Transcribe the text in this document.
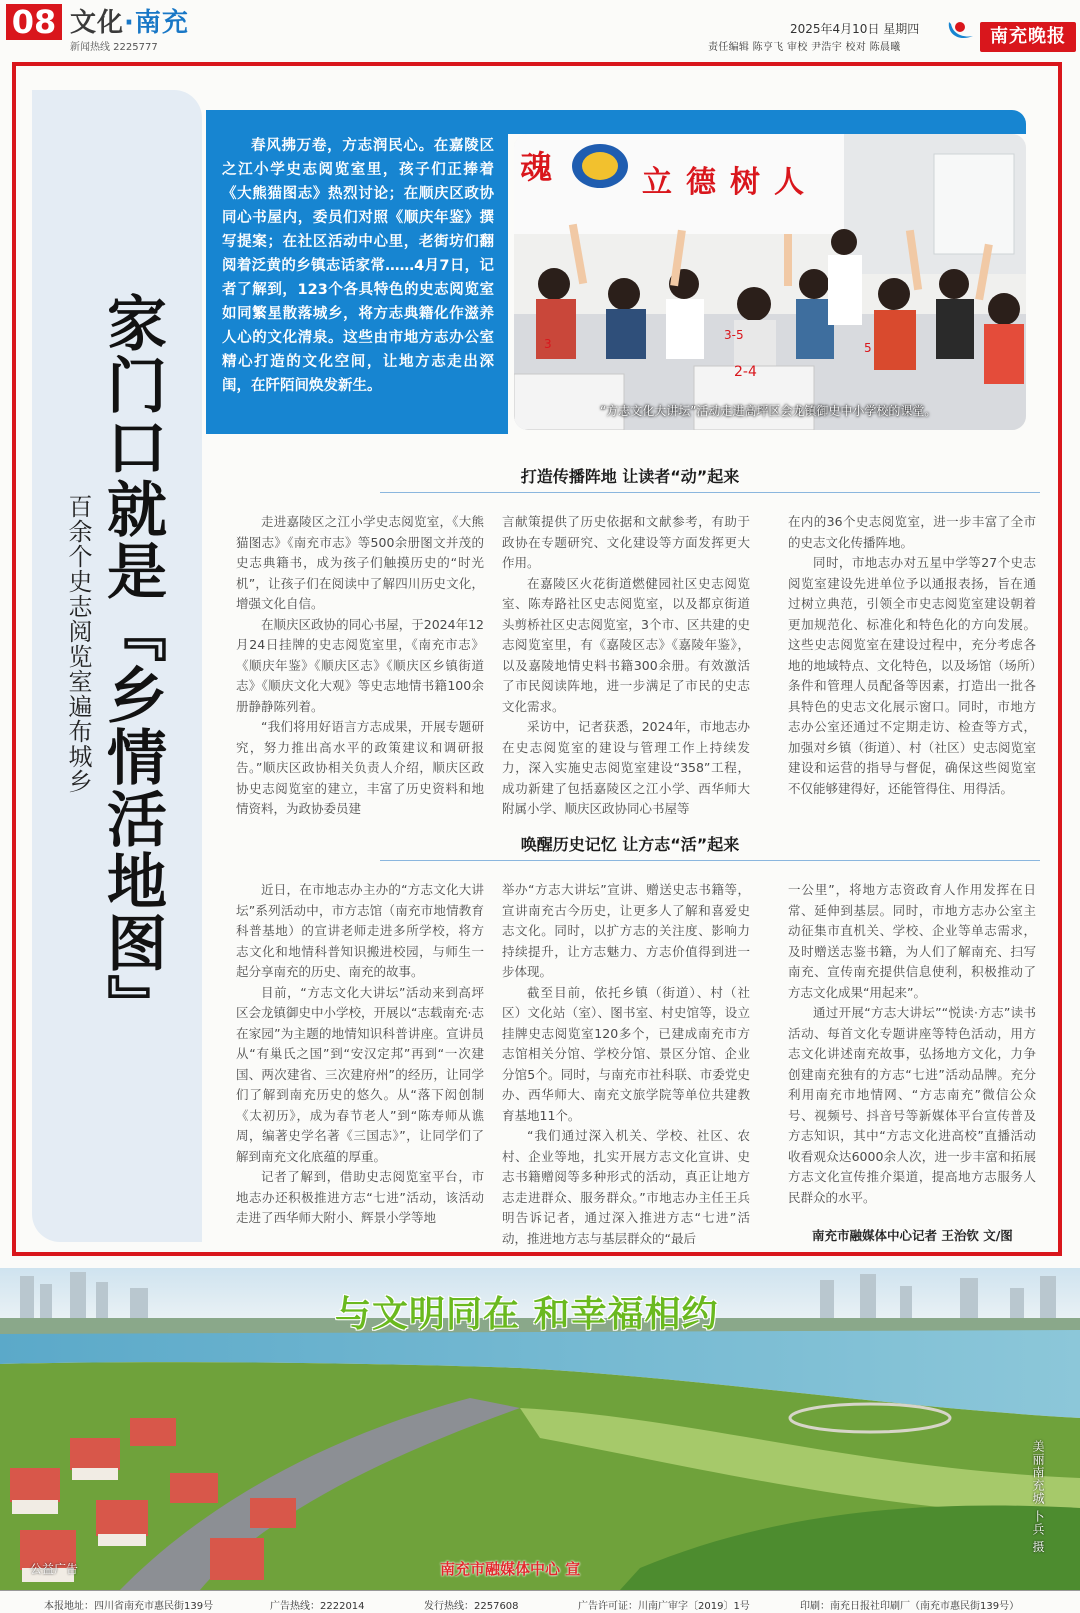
08 文化·南充
新闻热线 2225777
2025年4月10日 星期四
责任编辑 陈亨飞 审校 尹浩宇 校对 陈晨曦
南充晚报
家门口就是『乡情活地图』
百余个史志阅览室遍布城乡

春风拂万卷，方志润民心。在嘉陵区之江小学史志阅览室里，孩子们正捧着《大熊猫图志》热烈讨论；在顺庆区政协同心书屋内，委员们对照《顺庆年鉴》撰写提案；在社区活动中心里，老街坊们翻阅着泛黄的乡镇志话家常……4月7日，记者了解到，123个各具特色的史志阅览室如同繁星散落城乡，将方志典籍化作滋养人心的文化清泉。这些由市地方志办公室精心打造的文化空间，让地方志走出深闺，在阡陌间焕发新生。

魂	立德树人
3-5
2-4
3	5
“方志文化大讲坛”活动走进高坪区会龙镇御史中小学校的课堂。

打造传播阵地 让读者“动”起来

走进嘉陵区之江小学史志阅览室，《大熊猫图志》《南充市志》等500余册图文并茂的史志典籍书，成为孩子们触摸历史的“时光机”，让孩子们在阅读中了解四川历史文化，增强文化自信。

在顺庆区政协的同心书屋，于2024年12月24日挂牌的史志阅览室里，《南充市志》《顺庆年鉴》《顺庆区志》《顺庆区乡镇街道志》《顺庆文化大观》等史志地情书籍100余册静静陈列着。

“我们将用好语言方志成果，开展专题研究，努力推出高水平的政策建议和调研报告。”顺庆区政协相关负责人介绍，顺庆区政协史志阅览室的建立，丰富了历史资料和地情资料，为政协委员建

言献策提供了历史依据和文献参考，有助于政协在专题研究、文化建设等方面发挥更大作用。

在嘉陵区火花街道燃健园社区史志阅览室、陈寿路社区史志阅览室，以及都京街道头剪桥社区史志阅览室，3个市、区共建的史志阅览室里，有《嘉陵区志》《嘉陵年鉴》，以及嘉陵地情史料书籍300余册。有效激活了市民阅读阵地，进一步满足了市民的史志文化需求。

采访中，记者获悉，2024年，市地志办在史志阅览室的建设与管理工作上持续发力，深入实施史志阅览室建设“358”工程，成功新建了包括嘉陵区之江小学、西华师大附属小学、顺庆区政协同心书屋等

在内的36个史志阅览室，进一步丰富了全市的史志文化传播阵地。

同时，市地志办对五星中学等27个史志阅览室建设先进单位予以通报表扬，旨在通过树立典范，引领全市史志阅览室建设朝着更加规范化、标准化和特色化的方向发展。这些史志阅览室在建设过程中，充分考虑各地的地域特点、文化特色，以及场馆（场所）条件和管理人员配备等因素，打造出一批各具特色的史志文化展示窗口。同时，市地方志办公室还通过不定期走访、检查等方式，加强对乡镇（街道）、村（社区）史志阅览室建设和运营的指导与督促，确保这些阅览室不仅能够建得好，还能管得住、用得活。

唤醒历史记忆 让方志“活”起来

近日，在市地志办主办的“方志文化大讲坛”系列活动中，市方志馆（南充市地情教育科普基地）的宣讲老师走进多所学校，将方志文化和地情科普知识搬进校园，与师生一起分享南充的历史、南充的故事。

目前，“方志文化大讲坛”活动来到高坪区会龙镇御史中小学校，开展以“志载南充·志在家园”为主题的地情知识科普讲座。宣讲员从“有巢氏之国”到“安汉定邦”再到“一次建国、两次建省、三次建府州”的经历，让同学们了解到南充历史的悠久。从“落下闳创制《太初历》，成为春节老人”到“陈寿师从谯周，编著史学名著《三国志》”，让同学们了解到南充文化底蕴的厚重。

记者了解到，借助史志阅览室平台，市地志办还积极推进方志“七进”活动，该活动走进了西华师大附小、辉景小学等地

举办“方志大讲坛”宣讲、赠送史志书籍等，宣讲南充古今历史，让更多人了解和喜爱史志文化。同时，以扩方志的关注度、影响力持续提升，让方志魅力、方志价值得到进一步体现。

截至目前，依托乡镇（街道）、村（社区）文化站（室）、图书室、村史馆等，设立挂牌史志阅览室120多个，已建成南充市方志馆相关分馆、学校分馆、景区分馆、企业分馆5个。同时，与南充市社科联、市委党史办、西华师大、南充文旅学院等单位共建教育基地11个。

“我们通过深入机关、学校、社区、农村、企业等地，扎实开展方志文化宣讲、史志书籍赠阅等多种形式的活动，真正让地方志走进群众、服务群众。”市地志办主任王兵明告诉记者，通过深入推进方志“七进”活动，推进地方志与基层群众的“最后

一公里”，将地方志资政育人作用发挥在日常、延伸到基层。同时，市地方志办公室主动征集市直机关、学校、企业等单志需求，及时赠送志鉴书籍，为人们了解南充、扫写南充、宣传南充提供信息使利，积极推动了方志文化成果“用起来”。

通过开展“方志大讲坛”“悦读·方志”读书活动、每首文化专题讲座等特色活动，用方志文化讲述南充故事，弘扬地方文化，力争创建南充独有的方志“七进”活动品牌。充分利用南充市地情网、“方志南充”微信公众号、视频号、抖音号等新媒体平台宣传普及方志知识，其中“方志文化进高校”直播活动收看观众达6000余人次，进一步丰富和拓展方志文化宣传推介渠道，提高地方志服务人民群众的水平。

南充市融媒体中心记者 王治钦 文/图
与文明同在 和幸福相约
公益广告	南充市融媒体中心 宣
美丽南充城 卜兵 摄
本报地址：四川省南充市惠民街139号	广告热线：2222014	发行热线：2257608	广告许可证：川南广审字〔2019〕1号	印刷：南充日报社印刷厂（南充市惠民街139号）
